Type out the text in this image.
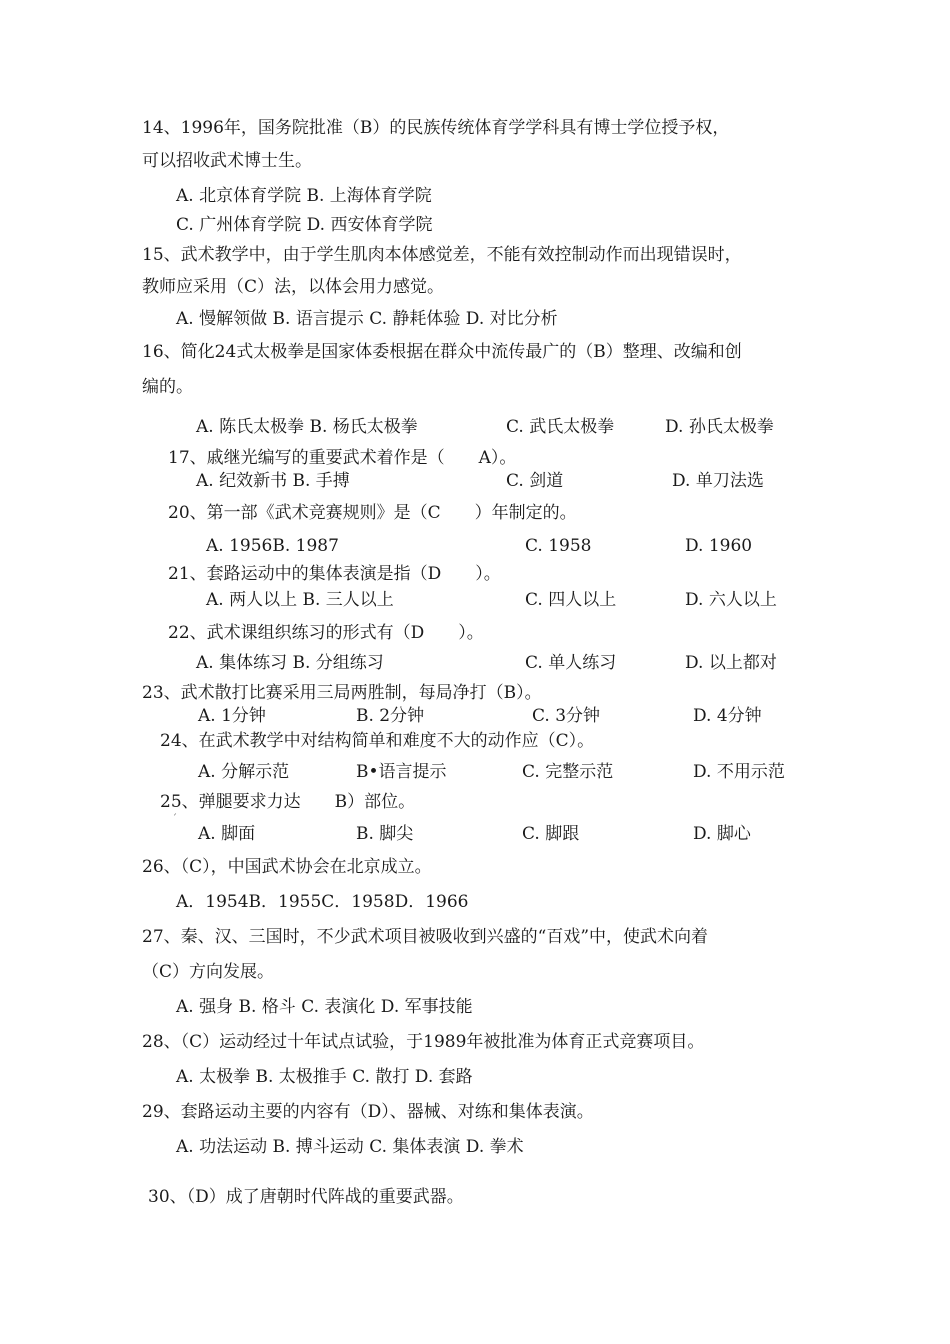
14、1996年，国务院批准（B）的民族传统体育学学科具有博士学位授予权，
可以招收武术博士生。
A. 北京体育学院 B. 上海体育学院
C. 广州体育学院 D. 西安体育学院
15、武术教学中，由于学生肌肉本体感觉差，不能有效控制动作而出现错误时，
教师应采用（C）法，以体会用力感觉。
A. 慢解领做 B. 语言提示 C. 静耗体验 D. 对比分析
16、简化24式太极拳是国家体委根据在群众中流传最广的（B）整理、改编和创
编的。
A. 陈氏太极拳 B. 杨氏太极拳	C. 武氏太极拳	D. 孙氏太极拳
17、戚继光编写的重要武术着作是（　　A）。
A. 纪效新书 B. 手搏	C. 剑道	D. 单刀法选
20、第一部《武术竞赛规则》是（C　　）年制定的。
A. 1956B. 1987	C. 1958	D. 1960
21、套路运动中的集体表演是指（D　　）。
A. 两人以上 B. 三人以上	C. 四人以上	D. 六人以上
22、武术课组织练习的形式有（D　　）。
A. 集体练习 B. 分组练习	C. 单人练习	D. 以上都对
23、武术散打比赛采用三局两胜制，每局净打（B）。
A. 1分钟	B. 2分钟	C. 3分钟	D. 4分钟
24、在武术教学中对结构简单和难度不大的动作应（C）。
A. 分解示范	B•语言提示	C. 完整示范	D. 不用示范
25、弹腿要求力达　　B）部位。
´
A. 脚面	B. 脚尖	C. 脚跟	D. 脚心
26、（C），中国武术协会在北京成立。
A．1954B．1955C．1958D．1966
27、秦、汉、三国时，不少武术项目被吸收到兴盛的“百戏”中，使武术向着
（C）方向发展。
A. 强身 B. 格斗 C. 表演化 D. 军事技能
28、（C）运动经过十年试点试验，于1989年被批准为体育正式竞赛项目。
A. 太极拳 B. 太极推手 C. 散打 D. 套路
29、套路运动主要的内容有（D）、器械、对练和集体表演。
A. 功法运动 B. 搏斗运动 C. 集体表演 D. 拳术
30、（D）成了唐朝时代阵战的重要武器。
